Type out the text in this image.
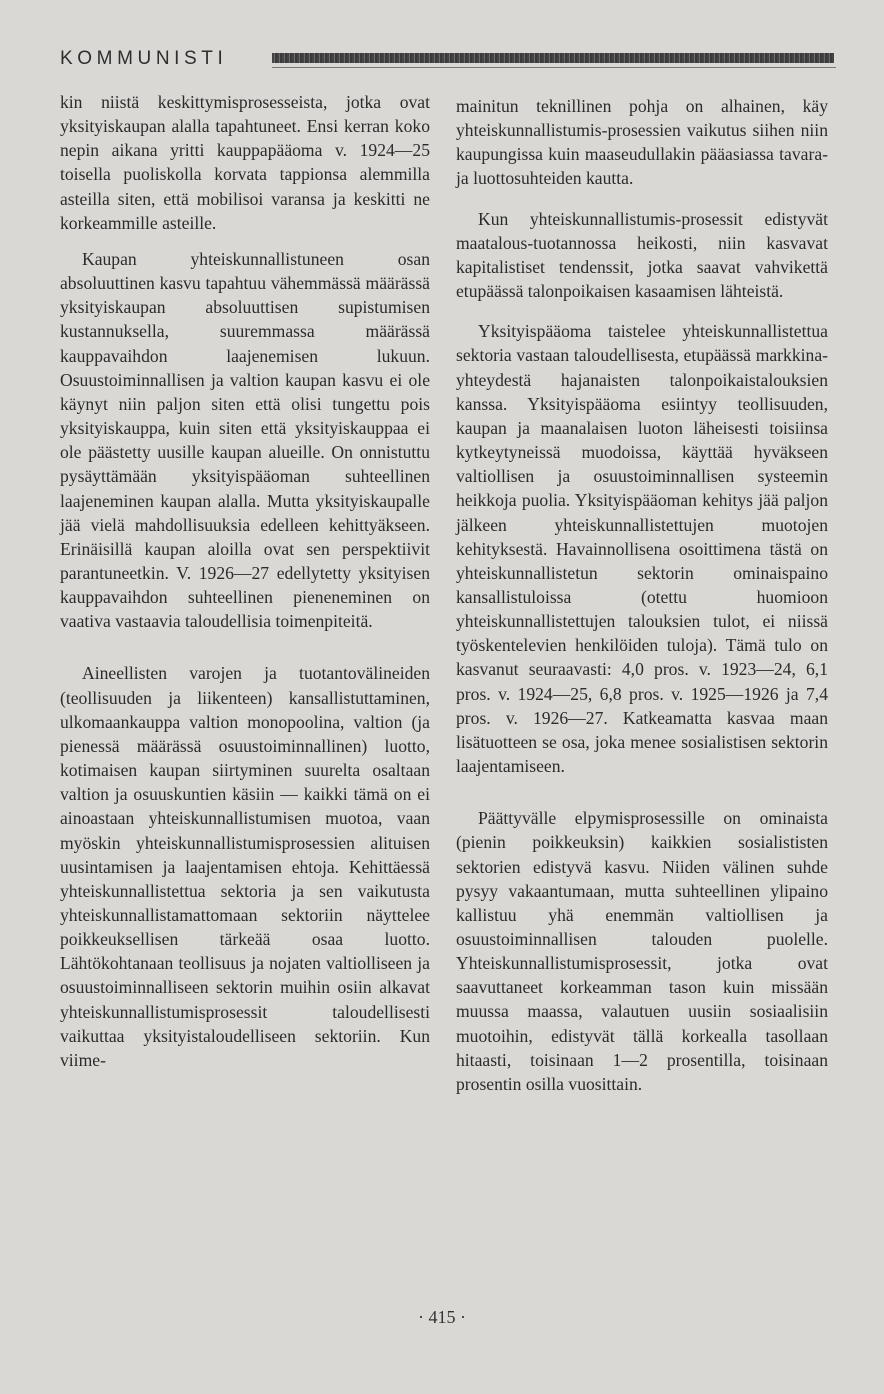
KOMMUNISTI

kin niistä keskittymisprosesseista, jotka ovat yksityiskaupan alalla tapahtuneet. Ensi kerran koko nepin aikana yritti kauppapääoma v. 1924—25 toisella puoliskolla korvata tappionsa alemmilla asteilla siten, että mobilisoi varansa ja keskitti ne korkeammille asteille.

Kaupan yhteiskunnallistuneen osan absoluuttinen kasvu tapahtuu vähemmässä määrässä yksityiskaupan absoluuttisen supistumisen kustannuksella, suuremmassa määrässä kauppavaihdon laajenemisen lukuun. Osuustoiminnallisen ja valtion kaupan kasvu ei ole käynyt niin paljon siten että olisi tungettu pois yksityiskauppa, kuin siten että yksityiskauppaa ei ole päästetty uusille kaupan alueille. On onnistuttu pysäyttämään yksityispääoman suhteellinen laajeneminen kaupan alalla. Mutta yksityiskaupalle jää vielä mahdollisuuksia edelleen kehittyäkseen. Erinäisillä kaupan aloilla ovat sen perspektiivit parantuneetkin. V. 1926—27 edellytetty yksityisen kauppavaihdon suhteellinen pieneneminen on vaativa vastaavia taloudellisia toimenpiteitä.

Aineellisten varojen ja tuotantovälineiden (teollisuuden ja liikenteen) kansallistuttaminen, ulkomaankauppa valtion monopoolina, valtion (ja pienessä määrässä osuustoiminnallinen) luotto, kotimaisen kaupan siirtyminen suurelta osaltaan valtion ja osuuskuntien käsiin — kaikki tämä on ei ainoastaan yhteiskunnallistumisen muotoa, vaan myöskin yhteiskunnallistumisprosessien alituisen uusintamisen ja laajentamisen ehtoja. Kehittäessä yhteiskunnallistettua sektoria ja sen vaikutusta yhteiskunnallistamattomaan sektoriin näyttelee poikkeuksellisen tärkeää osaa luotto. Lähtökohtanaan teollisuus ja nojaten valtiolliseen ja osuustoiminnalliseen sektorin muihin osiin alkavat yhteiskunnallistumisprosessit taloudellisesti vaikuttaa yksityistaloudelliseen sektoriin. Kun viime-

mainitun teknillinen pohja on alhainen, käy yhteiskunnallistumis-prosessien vaikutus siihen niin kaupungissa kuin maaseudullakin pääasiassa tavara- ja luottosuhteiden kautta.

Kun yhteiskunnallistumis-prosessit edistyvät maatalous-tuotannossa heikosti, niin kasvavat kapitalistiset tendenssit, jotka saavat vahvikettä etupäässä talonpoikaisen kasaamisen lähteistä.

Yksityispääoma taistelee yhteiskunnallistettua sektoria vastaan taloudellisesta, etupäässä markkina-yhteydestä hajanaisten talonpoikaistalouksien kanssa. Yksityispääoma esiintyy teollisuuden, kaupan ja maanalaisen luoton läheisesti toisiinsa kytkeytyneissä muodoissa, käyttää hyväkseen valtiollisen ja osuustoiminnallisen systeemin heikkoja puolia. Yksityispääoman kehitys jää paljon jälkeen yhteiskunnallistettujen muotojen kehityksestä. Havainnollisena osoittimena tästä on yhteiskunnallistetun sektorin ominaispaino kansallistuloissa (otettu huomioon yhteiskunnallistettujen talouksien tulot, ei niissä työskentelevien henkilöiden tuloja). Tämä tulo on kasvanut seuraavasti: 4,0 pros. v. 1923—24, 6,1 pros. v. 1924—25, 6,8 pros. v. 1925—1926 ja 7,4 pros. v. 1926—27. Katkeamatta kasvaa maan lisätuotteen se osa, joka menee sosialistisen sektorin laajentamiseen.

Päättyvälle elpymisprosessille on ominaista (pienin poikkeuksin) kaikkien sosialististen sektorien edistyvä kasvu. Niiden välinen suhde pysyy vakaantumaan, mutta suhteellinen ylipaino kallistuu yhä enemmän valtiollisen ja osuustoiminnallisen talouden puolelle. Yhteiskunnallistumisprosessit, jotka ovat saavuttaneet korkeamman tason kuin missään muussa maassa, valautuen uusiin sosiaalisiin muotoihin, edistyvät tällä korkealla tasollaan hitaasti, toisinaan 1—2 prosentilla, toisinaan prosentin osilla vuosittain.

· 415 ·
